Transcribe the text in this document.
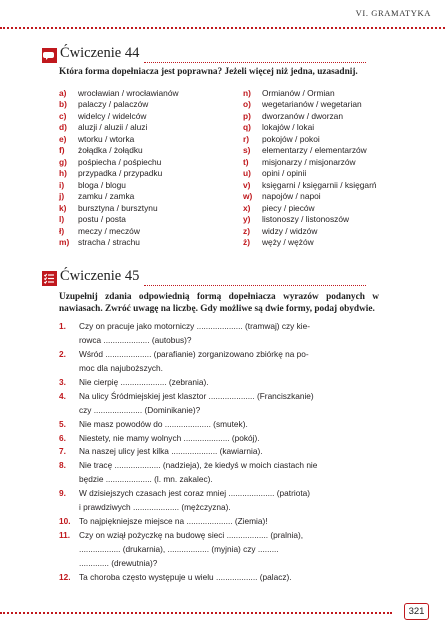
VI. GRAMATYKA
Ćwiczenie 44
Która forma dopełniacza jest poprawna? Jeżeli więcej niż jedna, uzasadnij.
a)	wrocławian / wrocławianów
b)	palaczy / palaczów
c)	widelcy / widelców
d)	aluzji / aluzii / aluzi
e)	wtorku / wtorka
f)	żołądka / żołądku
g)	pośpiecha / pośpiechu
h)	przypadka / przypadku
i)	bloga / blogu
j)	zamku / zamka
k)	bursztyna / bursztynu
l)	postu / posta
ł)	meczy / meczów
m)	stracha / strachu
n)	Ormianów / Ormian
o)	wegetarianów / wegetarian
p)	dworzanów / dworzan
q)	lokajów / lokai
r)	pokojów / pokoi
s)	elementarzy / elementarzów
t)	misjonarzy / misjonarzów
u)	opini / opinii
v)	księgarni / księgarnii / księgarń
w)	napojów / napoi
x)	piecy / pieców
y)	listonoszy / listonoszów
z)	widzy / widzów
ż)	węży / wężów
Ćwiczenie 45
Uzupełnij zdania odpowiednią formą dopełniacza wyrazów podanych w nawiasach. Zwróć uwagę na liczbę. Gdy możliwe są dwie formy, podaj obydwie.
1.	Czy on pracuje jako motorniczy .................... (tramwaj) czy kie-
rowca .................... (autobus)?
2.	Wśród .................... (parafianie) zorganizowano zbiórkę na po-
moc dla najuboższych.
3.	Nie cierpię .................... (zebrania).
4.	Na ulicy Śródmiejskiej jest klasztor .................... (Franciszkanie)
czy ..................... (Dominikanie)?
5.	Nie masz powodów do .................... (smutek).
6.	Niestety, nie mamy wolnych .................... (pokój).
7.	Na naszej ulicy jest kilka .................... (kawiarnia).
8.	Nie tracę .................... (nadzieja), że kiedyś w moich ciastach nie
będzie .................... (l. mn. zakalec).
9.	W dzisiejszych czasach jest coraz mniej .................... (patriota)
i prawdziwych .................... (mężczyzna).
10.	To najpiękniejsze miejsce na .................... (Ziemia)!
11.	Czy on wziął pożyczkę na budowę sieci .................. (pralnia),
.................. (drukarnia), .................. (myjnia) czy .........
............. (drewutnia)?
12.	Ta choroba często występuje u wielu .................. (palacz).
321
